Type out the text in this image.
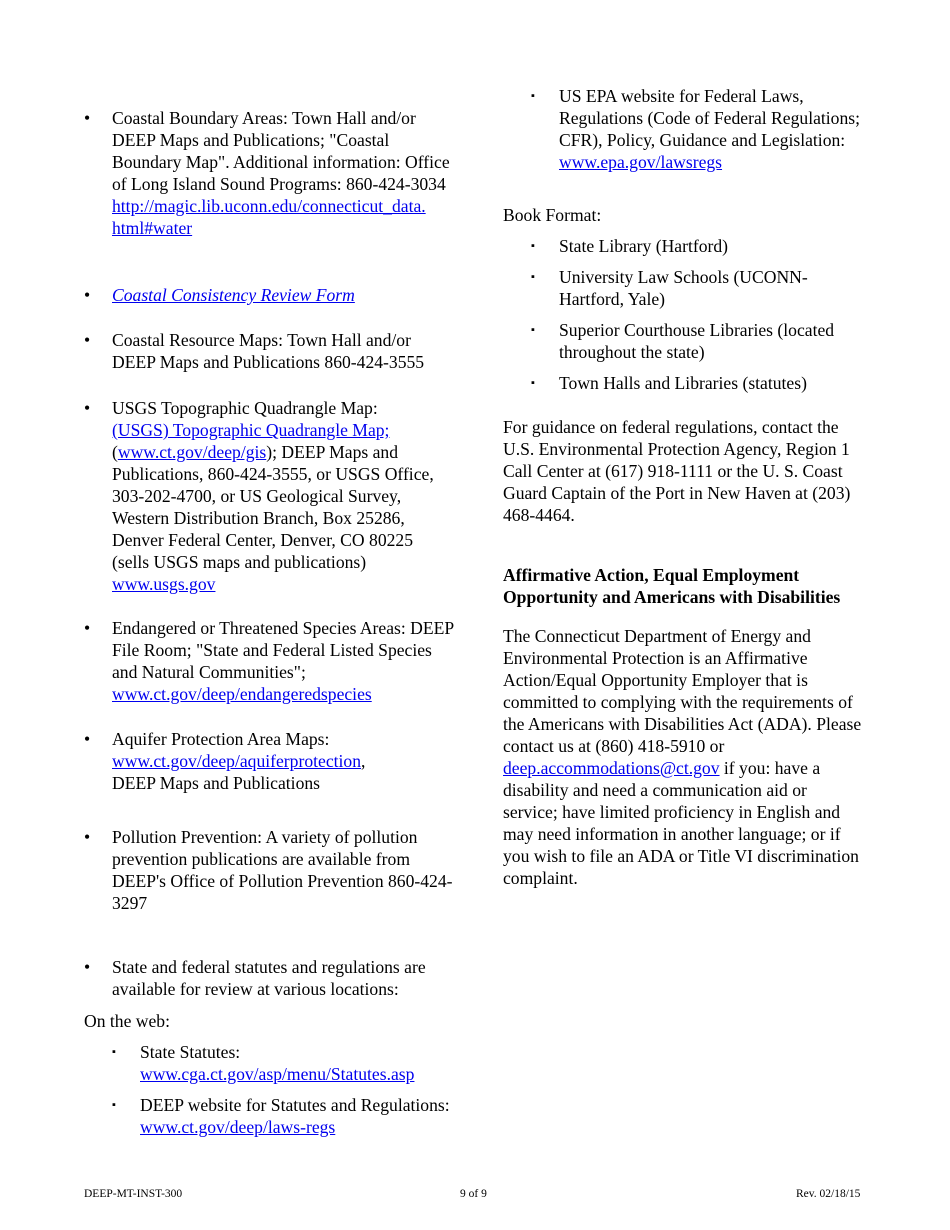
• Coastal Boundary Areas: Town Hall and/or DEEP Maps and Publications; "Coastal Boundary Map". Additional information: Office of Long Island Sound Programs: 860-424-3034
http://magic.lib.uconn.edu/connecticut_data.
html#water
• Coastal Consistency Review Form
• Coastal Resource Maps: Town Hall and/or DEEP Maps and Publications 860-424-3555
• USGS Topographic Quadrangle Map:
(USGS) Topographic Quadrangle Map;
(www.ct.gov/deep/gis); DEEP Maps and Publications, 860-424-3555, or USGS Office, 303-202-4700, or US Geological Survey, Western Distribution Branch, Box 25286, Denver Federal Center, Denver, CO 80225 (sells USGS maps and publications)
www.usgs.gov
• Endangered or Threatened Species Areas: DEEP File Room; "State and Federal Listed Species and Natural Communities";
www.ct.gov/deep/endangeredspecies
• Aquifer Protection Area Maps:
www.ct.gov/deep/aquiferprotection,
DEEP Maps and Publications
• Pollution Prevention: A variety of pollution prevention publications are available from DEEP's Office of Pollution Prevention 860-424-3297
• State and federal statutes and regulations are available for review at various locations:
On the web:
▪ State Statutes:
www.cga.ct.gov/asp/menu/Statutes.asp
▪ DEEP website for Statutes and Regulations: www.ct.gov/deep/laws-regs
▪ US EPA website for Federal Laws, Regulations (Code of Federal Regulations; CFR), Policy, Guidance and Legislation: www.epa.gov/lawsregs
Book Format:
▪ State Library (Hartford)
▪ University Law Schools (UCONN-Hartford, Yale)
▪ Superior Courthouse Libraries (located throughout the state)
▪ Town Halls and Libraries (statutes)
For guidance on federal regulations, contact the U.S. Environmental Protection Agency, Region 1 Call Center at (617) 918-1111 or the U. S. Coast Guard Captain of the Port in New Haven at (203) 468-4464.
Affirmative Action, Equal Employment Opportunity and Americans with Disabilities
The Connecticut Department of Energy and Environmental Protection is an Affirmative Action/Equal Opportunity Employer that is committed to complying with the requirements of the Americans with Disabilities Act (ADA). Please contact us at (860) 418-5910 or deep.accommodations@ct.gov if you: have a disability and need a communication aid or service; have limited proficiency in English and may need information in another language; or if you wish to file an ADA or Title VI discrimination complaint.
DEEP-MT-INST-300	9 of 9	Rev. 02/18/15
